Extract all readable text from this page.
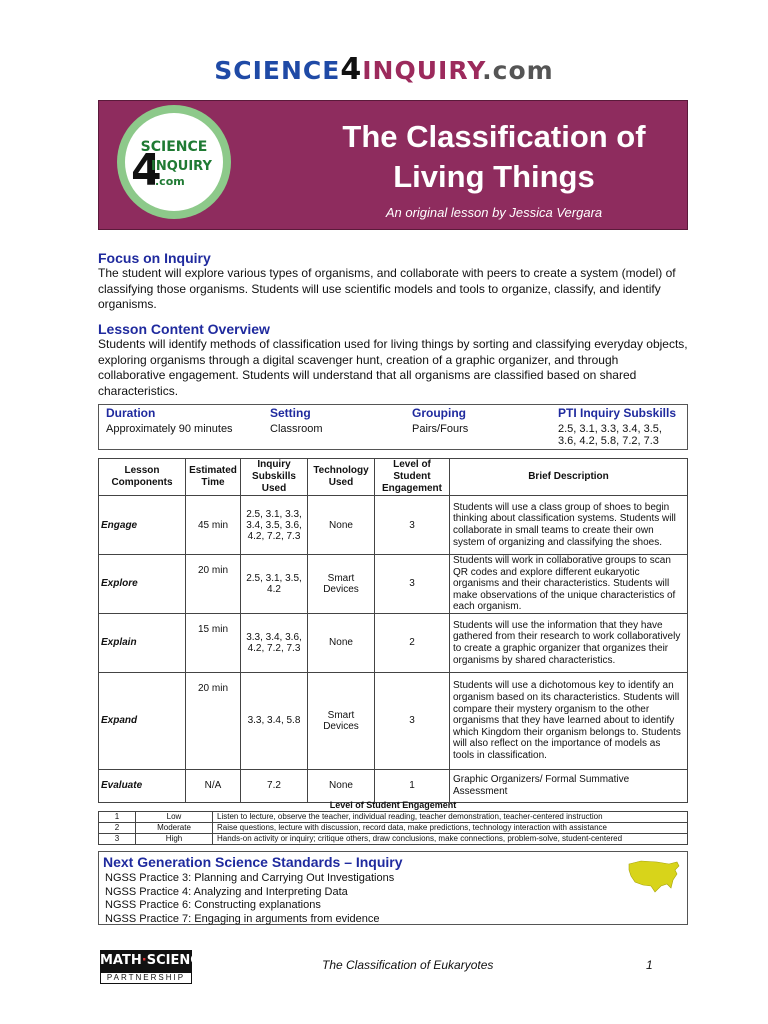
SCIENCE4INQUIRY.com
SCIENCE
4
INQUIRY
.com
The Classification of Living Things
An original lesson by Jessica Vergara
Focus on Inquiry

The student will explore various types of organisms, and collaborate with peers to create a system (model) of classifying those organisms. Students will use scientific models and tools to organize, classify, and identify organisms.

Lesson Content Overview

Students will identify methods of classification used for living things by sorting and classifying everyday objects, exploring organisms through a digital scavenger hunt, creation of a graphic organizer, and through collaborative engagement. Students will understand that all organisms are classified based on shared characteristics.

Duration	Setting	Grouping	PTI Inquiry Subskills
Approximately 90 minutes	Classroom	Pairs/Fours	2.5, 3.1, 3.3, 3.4, 3.5, 3.6, 4.2, 5.8, 7.2, 7.3
Lesson Components	Estimated Time	Inquiry Subskills Used	Technology Used	Level of Student Engagement	Brief Description
Engage	45 min	2.5, 3.1, 3.3, 3.4, 3.5, 3.6, 4.2, 7.2, 7.3	None	3	Students will use a class group of shoes to begin thinking about classification systems. Students will collaborate in small teams to create their own system of organizing and classifying the shoes.
Explore	20 min	2.5, 3.1, 3.5, 4.2	Smart Devices	3	Students will work in collaborative groups to scan QR codes and explore different eukaryotic organisms and their characteristics. Students will make observations of the unique characteristics of each organism.
Explain	15 min	3.3, 3.4, 3.6, 4.2, 7.2, 7.3	None	2	Students will use the information that they have gathered from their research to work collaboratively to create a graphic organizer that organizes their organisms by shared characteristics.
Expand	20 min	3.3, 3.4, 5.8	Smart Devices	3	Students will use a dichotomous key to identify an organism based on its characteristics. Students will compare their mystery organism to the other organisms that they have learned about to identify which Kingdom their organism belongs to. Students will also reflect on the importance of models as tools in classification.
Evaluate	N/A	7.2	None	1	Graphic Organizers/ Formal Summative Assessment
Level of Student Engagement
1	Low	Listen to lecture, observe the teacher, individual reading, teacher demonstration, teacher-centered instruction
2	Moderate	Raise questions, lecture with discussion, record data, make predictions, technology interaction with assistance
3	High	Hands-on activity or inquiry; critique others, draw conclusions, make connections, problem-solve, student-centered
Next Generation Science Standards – Inquiry
NGSS Practice 3: Planning and Carrying Out Investigations
NGSS Practice 4: Analyzing and Interpreting Data
NGSS Practice 6: Constructing explanations
NGSS Practice 7: Engaging in arguments from evidence
MATH·SCIENCE
PARTNERSHIP
The Classification of Eukaryotes	1
